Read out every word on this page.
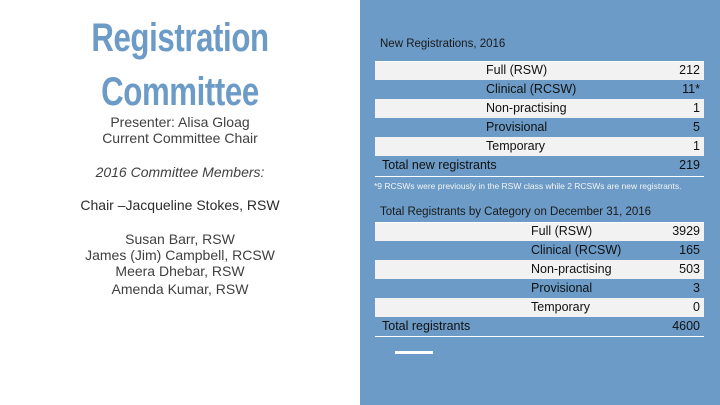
Registration
Committee
Presenter: Alisa Gloag
Current Committee Chair
2016 Committee Members:
Chair –Jacqueline Stokes, RSW
Susan Barr, RSW
James (Jim) Campbell, RCSW
Meera Dhebar, RSW
Amenda Kumar, RSW
New Registrations, 2016
Full (RSW)	212
Clinical (RCSW)	11*
Non-practising	1
Provisional	5
Temporary	1
Total new registrants	219
*9 RCSWs were previously in the RSW class while 2 RCSWs are new registrants.
Total Registrants by Category on December 31, 2016
Full (RSW)	3929
Clinical (RCSW)	165
Non-practising	503
Provisional	3
Temporary	0
Total registrants	4600
